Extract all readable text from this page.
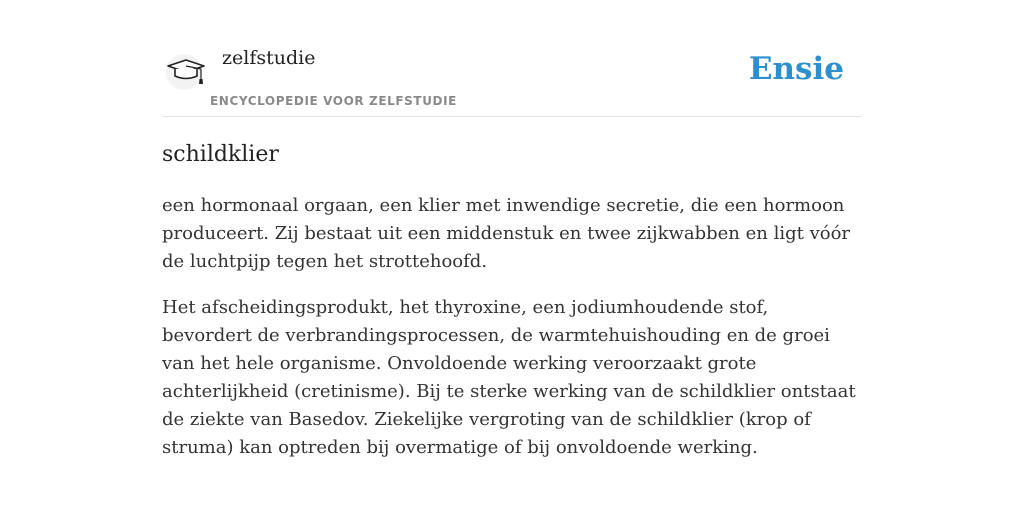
zelfstudie
ENCYCLOPEDIE VOOR ZELFSTUDIE
Ensie
schildklier

een hormonaal orgaan, een klier met inwendige secretie, die een hormoon produceert. Zij bestaat uit een middenstuk en twee zijkwabben en ligt vóór de luchtpijp tegen het strottehoofd.

Het afscheidingsprodukt, het thyroxine, een jodiumhoudende stof, bevordert de verbrandingsprocessen, de warmtehuishouding en de groei van het hele organisme. Onvoldoende werking veroorzaakt grote achterlijkheid (cretinisme). Bij te sterke werking van de schildklier ontstaat de ziekte van Basedov. Ziekelijke vergroting van de schildklier (krop of struma) kan optreden bij overmatige of bij onvoldoende werking.
